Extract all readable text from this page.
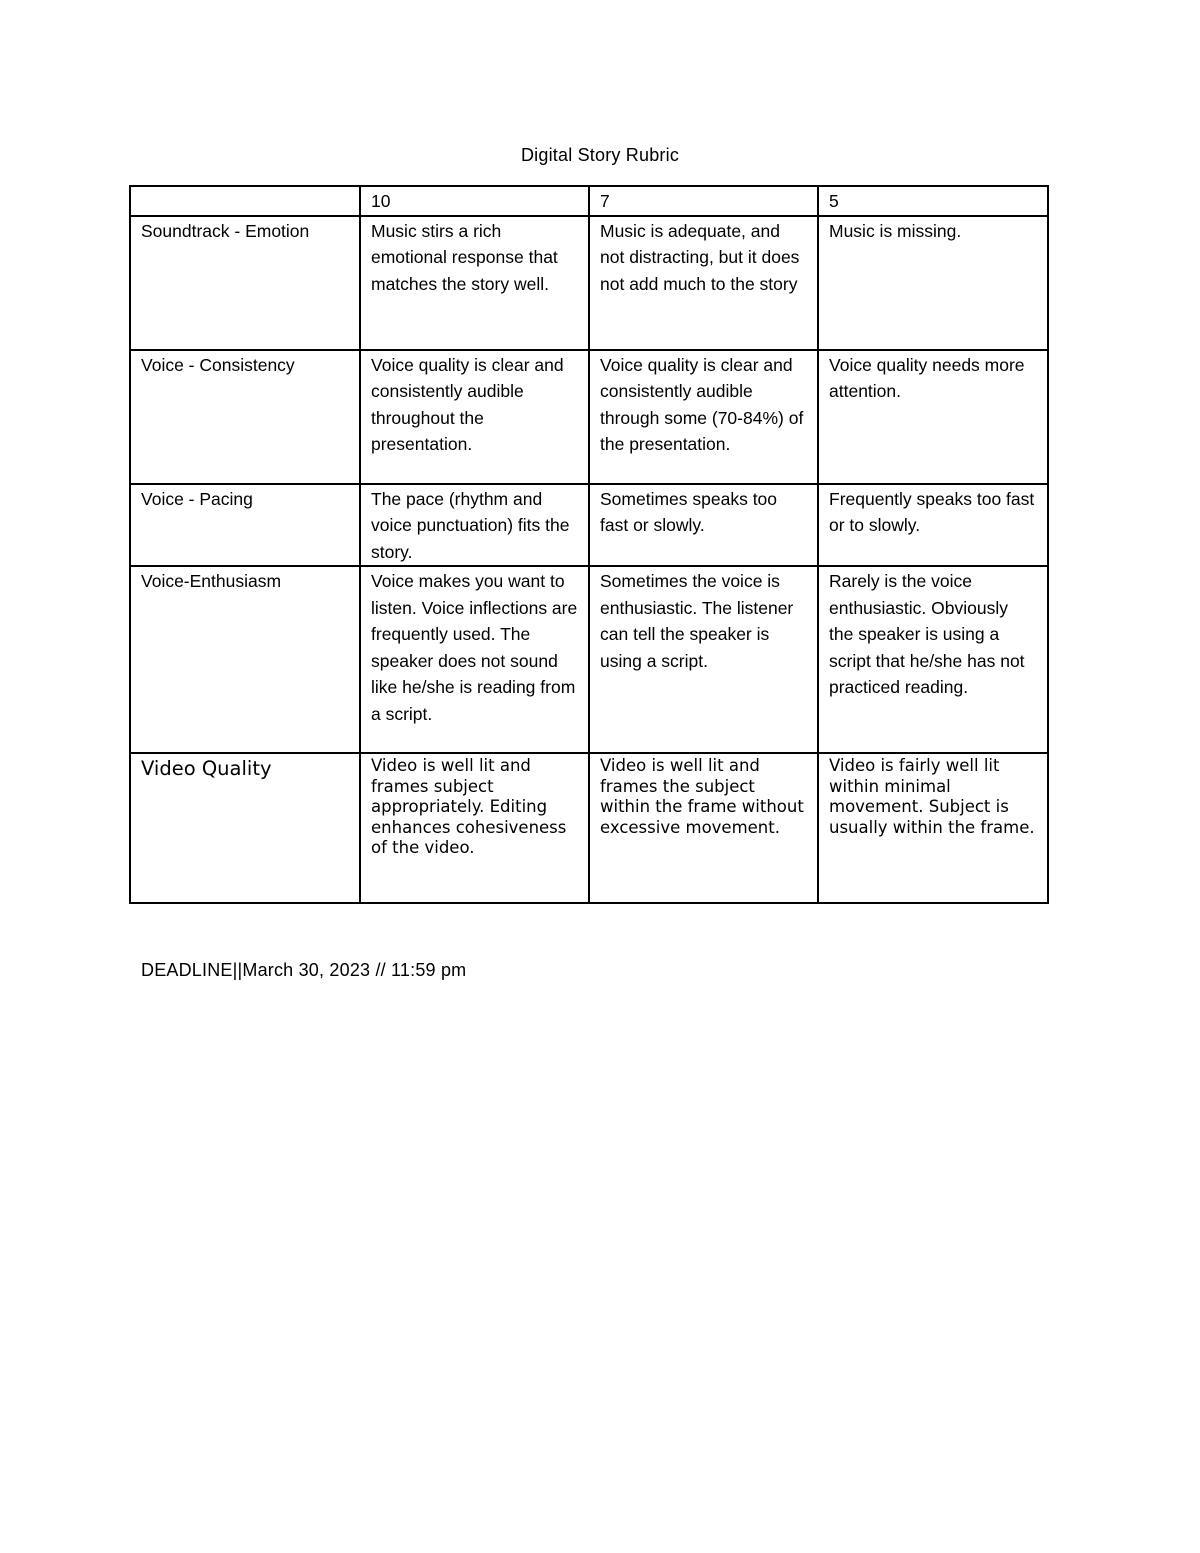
Digital Story Rubric
	10	7	5
Soundtrack - Emotion	Music stirs a rich emotional response that matches the story well.	Music is adequate, and not distracting, but it does not add much to the story	Music is missing.
Voice - Consistency	Voice quality is clear and consistently audible throughout the presentation.	Voice quality is clear and consistently audible through some (70-84%) of the presentation.	Voice quality needs more attention.
Voice - Pacing	The pace (rhythm and voice punctuation) fits the story.	Sometimes speaks too fast or slowly.	Frequently speaks too fast or to slowly.
Voice-Enthusiasm	Voice makes you want to listen. Voice inflections are frequently used. The speaker does not sound like he/she is reading from a script.	Sometimes the voice is enthusiastic. The listener can tell the speaker is using a script.	Rarely is the voice enthusiastic. Obviously the speaker is using a script that he/she has not practiced reading.
Video Quality	Video is well lit and frames subject appropriately. Editing enhances cohesiveness of the video.	Video is well lit and frames the subject within the frame without excessive movement.	Video is fairly well lit within minimal movement. Subject is usually within the frame.
DEADLINE||March 30, 2023 // 11:59 pm
